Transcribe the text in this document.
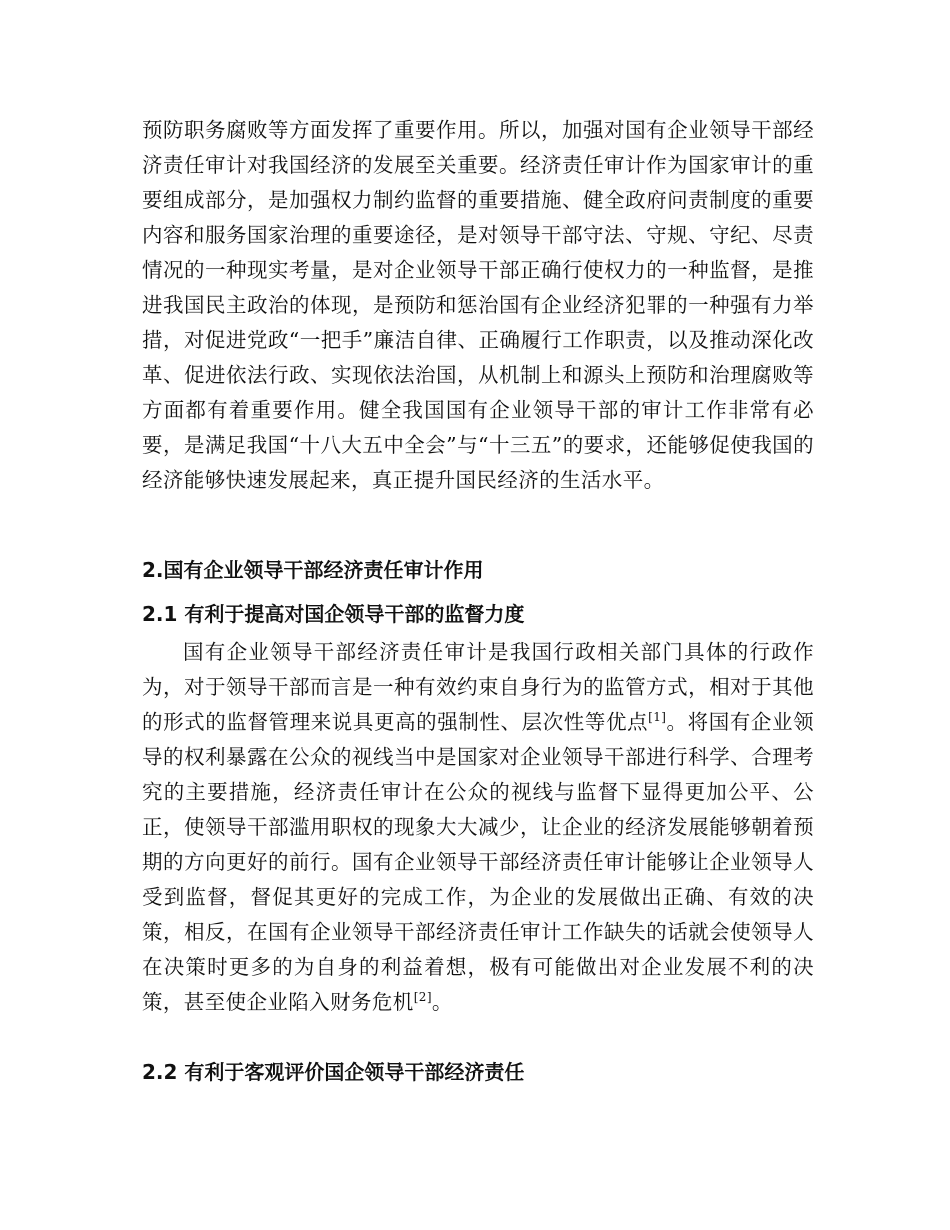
预防职务腐败等方面发挥了重要作用。所以，加强对国有企业领导干部经济责任审计对我国经济的发展至关重要。经济责任审计作为国家审计的重要组成部分，是加强权力制约监督的重要措施、健全政府问责制度的重要内容和服务国家治理的重要途径，是对领导干部守法、守规、守纪、尽责情况的一种现实考量，是对企业领导干部正确行使权力的一种监督，是推进我国民主政治的体现，是预防和惩治国有企业经济犯罪的一种强有力举措，对促进党政“一把手”廉洁自律、正确履行工作职责，以及推动深化改革、促进依法行政、实现依法治国，从机制上和源头上预防和治理腐败等方面都有着重要作用。健全我国国有企业领导干部的审计工作非常有必要，是满足我国“十八大五中全会”与“十三五”的要求，还能够促使我国的经济能够快速发展起来，真正提升国民经济的生活水平。

2.国有企业领导干部经济责任审计作用
2.1 有利于提高对国企领导干部的监督力度

国有企业领导干部经济责任审计是我国行政相关部门具体的行政作为，对于领导干部而言是一种有效约束自身行为的监管方式，相对于其他的形式的监督管理来说具更高的强制性、层次性等优点[1]。将国有企业领导的权利暴露在公众的视线当中是国家对企业领导干部进行科学、合理考究的主要措施，经济责任审计在公众的视线与监督下显得更加公平、公正，使领导干部滥用职权的现象大大减少，让企业的经济发展能够朝着预期的方向更好的前行。国有企业领导干部经济责任审计能够让企业领导人受到监督，督促其更好的完成工作，为企业的发展做出正确、有效的决策，相反，在国有企业领导干部经济责任审计工作缺失的话就会使领导人在决策时更多的为自身的利益着想，极有可能做出对企业发展不利的决策，甚至使企业陷入财务危机[2]。

2.2 有利于客观评价国企领导干部经济责任
